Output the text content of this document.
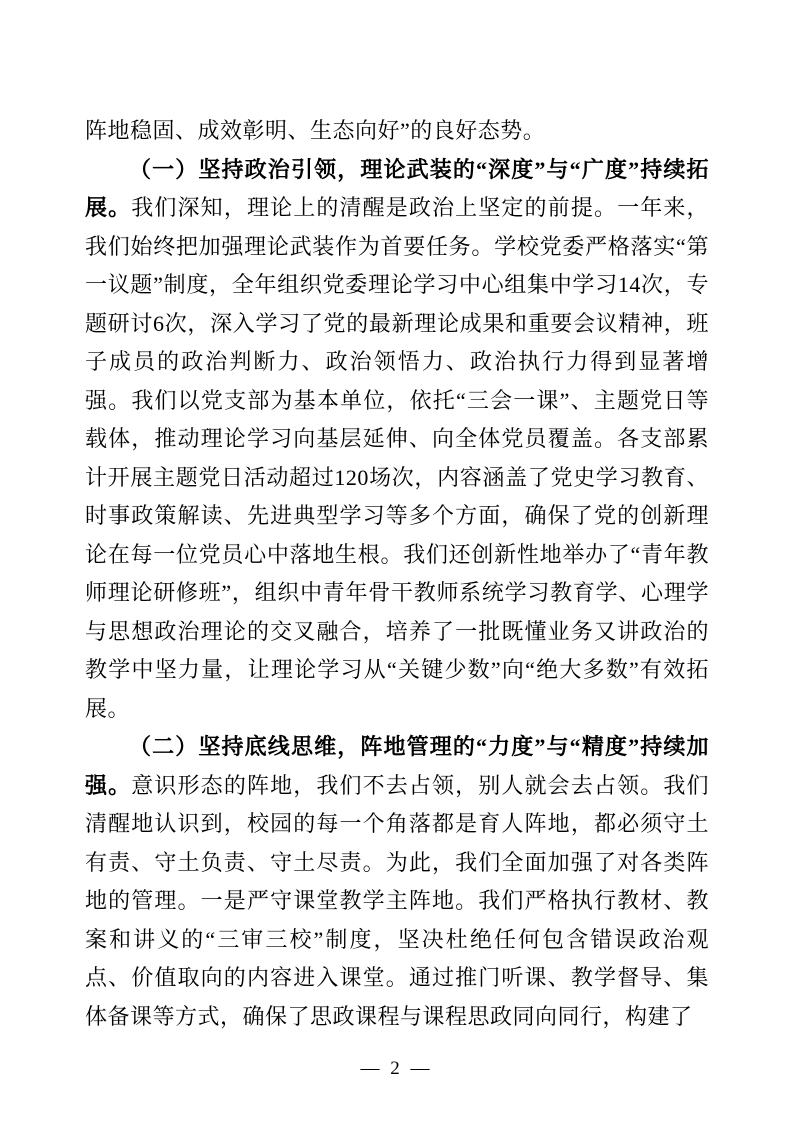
阵地稳固、成效彰明、生态向好”的良好态势。

（一）坚持政治引领，理论武装的“深度”与“广度”持续拓展。我们深知，理论上的清醒是政治上坚定的前提。一年来，我们始终把加强理论武装作为首要任务。学校党委严格落实“第一议题”制度，全年组织党委理论学习中心组集中学习14次，专题研讨6次，深入学习了党的最新理论成果和重要会议精神，班子成员的政治判断力、政治领悟力、政治执行力得到显著增强。我们以党支部为基本单位，依托“三会一课”、主题党日等载体，推动理论学习向基层延伸、向全体党员覆盖。各支部累计开展主题党日活动超过120场次，内容涵盖了党史学习教育、时事政策解读、先进典型学习等多个方面，确保了党的创新理论在每一位党员心中落地生根。我们还创新性地举办了“青年教师理论研修班”，组织中青年骨干教师系统学习教育学、心理学与思想政治理论的交叉融合，培养了一批既懂业务又讲政治的教学中坚力量，让理论学习从“关键少数”向“绝大多数”有效拓展。

（二）坚持底线思维，阵地管理的“力度”与“精度”持续加强。意识形态的阵地，我们不去占领，别人就会去占领。我们清醒地认识到，校园的每一个角落都是育人阵地，都必须守土有责、守土负责、守土尽责。为此，我们全面加强了对各类阵地的管理。一是严守课堂教学主阵地。我们严格执行教材、教案和讲义的“三审三校”制度，坚决杜绝任何包含错误政治观点、价值取向的内容进入课堂。通过推门听课、教学督导、集体备课等方式，确保了思政课程与课程思政同向同行，构建了

— 2 —
